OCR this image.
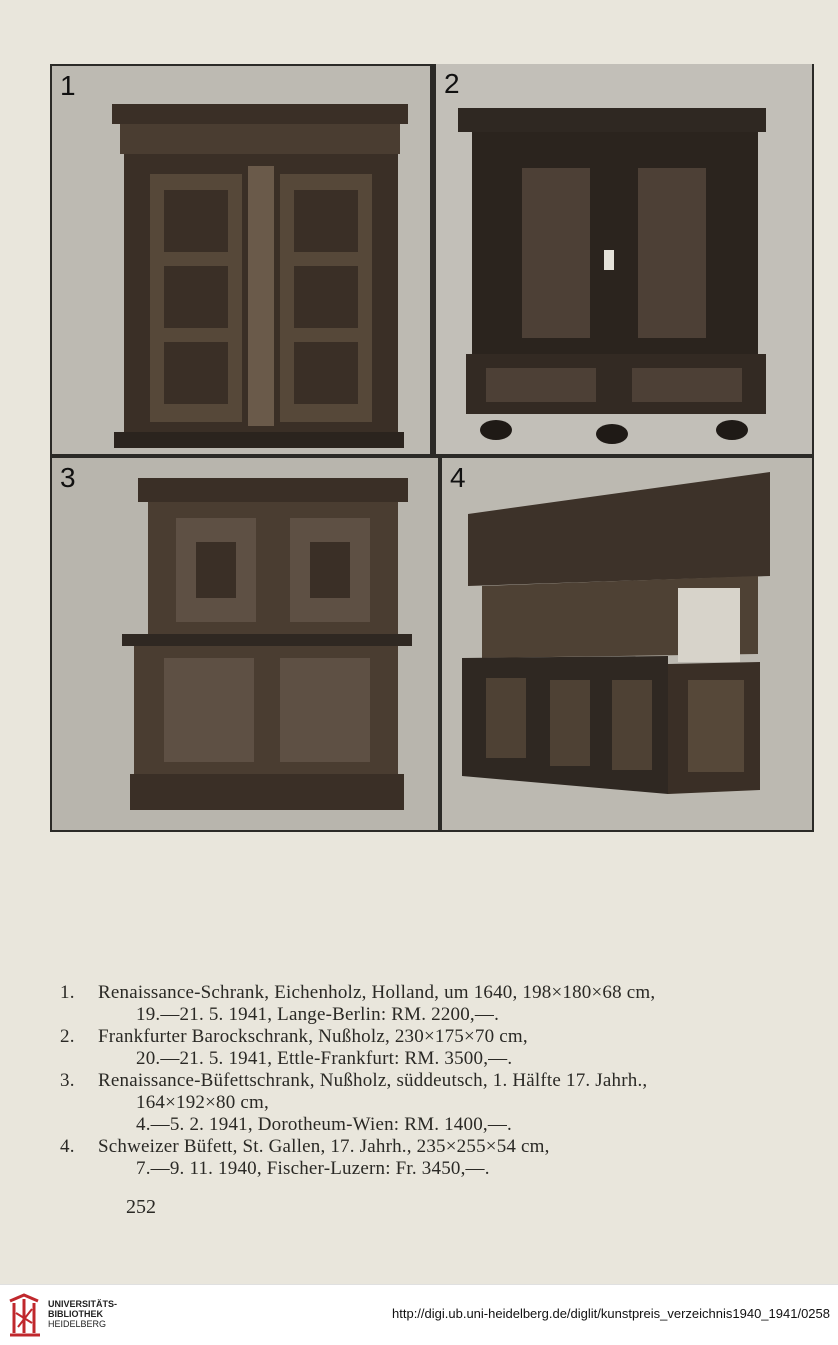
1	2
3	4
1.	Renaissance-Schrank, Eichenholz, Holland, um 1640, 198×180×68 cm,
19.—21. 5. 1941, Lange-Berlin: RM. 2200,—.
2.	Frankfurter Barockschrank, Nußholz, 230×175×70 cm,
20.—21. 5. 1941, Ettle-Frankfurt: RM. 3500,—.
3.	Renaissance-Büfettschrank, Nußholz, süddeutsch, 1. Hälfte 17. Jahrh.,
164×192×80 cm,
4.—5. 2. 1941, Dorotheum-Wien: RM. 1400,—.
4.	Schweizer Büfett, St. Gallen, 17. Jahrh., 235×255×54 cm,
7.—9. 11. 1940, Fischer-Luzern: Fr. 3450,—.
252
UNIVERSITÄTS-
BIBLIOTHEK
HEIDELBERG
http://digi.ub.uni-heidelberg.de/diglit/kunstpreis_verzeichnis1940_1941/0258
